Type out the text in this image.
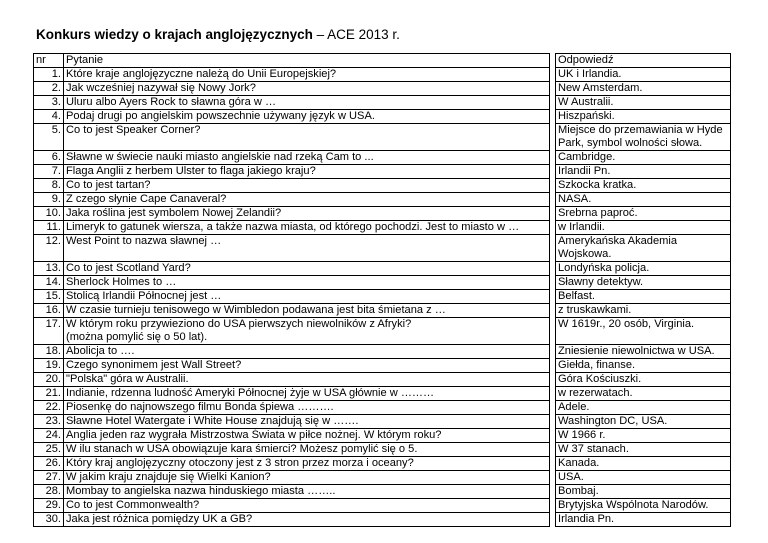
Konkurs wiedzy o krajach anglojęzycznych – ACE 2013 r.
nr	Pytanie		Odpowiedź
1.	Które kraje anglojęzyczne należą do Unii Europejskiej?		UK i Irlandia.

2.	Jak wcześniej nazywał się Nowy Jork?		New Amsterdam.

3.	Uluru albo Ayers Rock to sławna góra w …		W Australii.

4.	Podaj drugi po angielskim powszechnie używany język w USA.		Hiszpański.

5.	Co to jest Speaker Corner?		Miejsce do przemawiania w Hyde Park, symbol wolności słowa.

6.	Sławne w świecie nauki miasto angielskie nad rzeką Cam to ...		Cambridge.

7.	Flaga Anglii z herbem Ulster to flaga jakiego kraju?		Irlandii Pn.

8.	Co to jest tartan?		Szkocka kratka.

9.	Z czego słynie Cape Canaveral?		NASA.

10.	Jaka roślina jest symbolem Nowej Zelandii?		Srebrna paproć.

11.	Limeryk to gatunek wiersza, a także nazwa miasta, od którego pochodzi. Jest to miasto w …		w Irlandii.

12.	West Point to nazwa sławnej …		Amerykańska Akademia Wojskowa.

13.	Co to jest Scotland Yard?		Londyńska policja.

14.	Sherlock Holmes to …		Sławny detektyw.

15.	Stolicą Irlandii Północnej jest …		Belfast.

16.	W czasie turnieju tenisowego w Wimbledon podawana jest bita śmietana z …		z truskawkami.

17.	W którym roku przywieziono do USA pierwszych niewolników z Afryki?
(można pomylić się o 50 lat).		W 1619r., 20 osób, Virginia.

18.	Abolicja to ….		Zniesienie niewolnictwa w USA.

19.	Czego synonimem jest Wall Street?		Giełda, finanse.

20.	"Polska" góra w Australii.		Góra Kościuszki.

21.	Indianie, rdzenna ludność Ameryki Północnej żyje w USA głównie w ………		w rezerwatach.

22.	Piosenkę do najnowszego filmu Bonda śpiewa ……….		Adele.

23.	Sławne Hotel Watergate i White House znajdują się w …….		Washington DC, USA.

24.	Anglia jeden raz wygrała Mistrzostwa Świata w piłce nożnej. W którym roku?		W 1966 r.

25.	W ilu stanach w USA obowiązuje kara śmierci? Możesz pomylić się o 5.		W 37 stanach.

26.	Który kraj anglojęzyczny otoczony jest z 3 stron przez morza i oceany?		Kanada.

27.	W jakim kraju znajduje się Wielki Kanion?		USA.

28.	Mombay to angielska nazwa hinduskiego miasta ……..		Bombaj.

29.	Co to jest Commonwealth?		Brytyjska Wspólnota Narodów.

30.	Jaka jest różnica pomiędzy UK a GB?		Irlandia Pn.
